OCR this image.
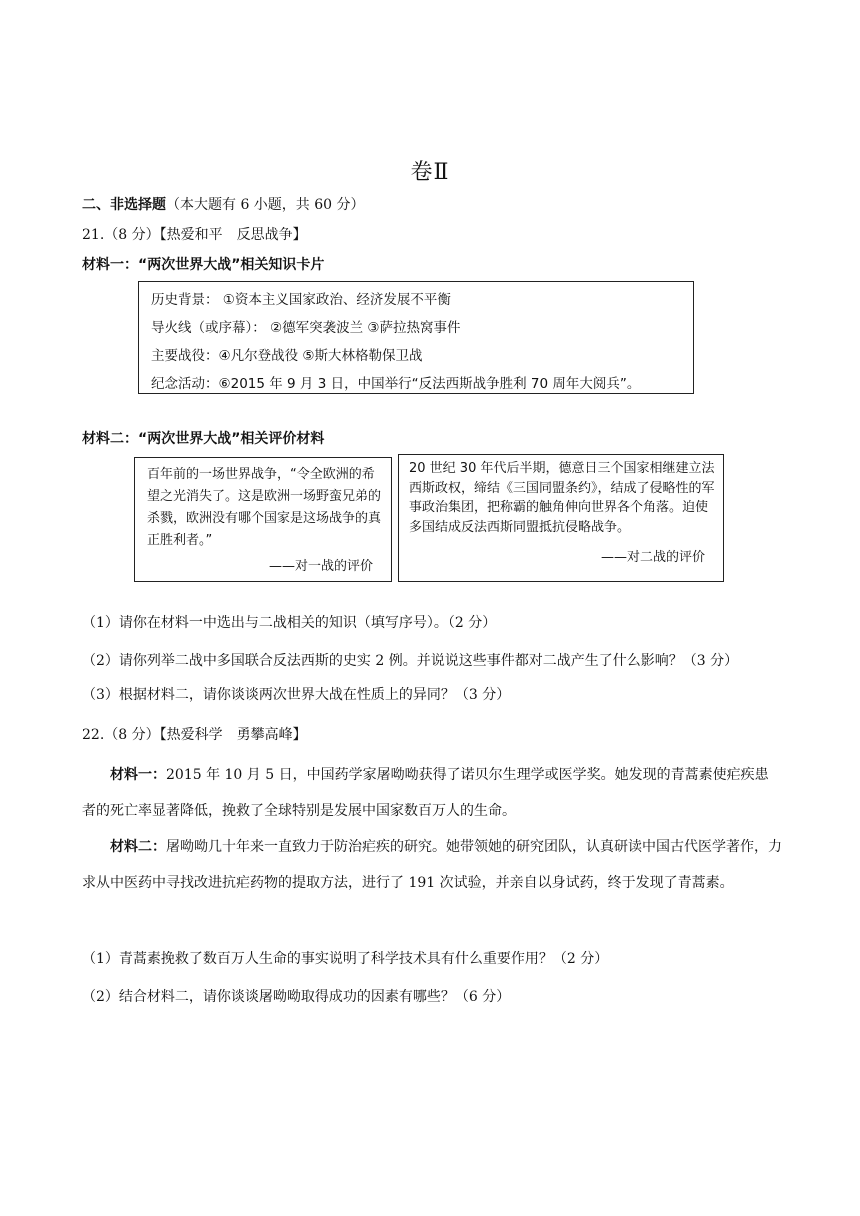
卷Ⅱ
二、非选择题（本大题有 6 小题，共 60 分）
21.（8 分）【热爱和平　反思战争】
材料一：“两次世界大战”相关知识卡片
历史背景： ①资本主义国家政治、经济发展不平衡
导火线（或序幕）： ②德军突袭波兰 ③萨拉热窝事件
主要战役：④凡尔登战役 ⑤斯大林格勒保卫战
纪念活动：⑥2015 年 9 月 3 日，中国举行“反法西斯战争胜利 70 周年大阅兵”。
材料二：“两次世界大战”相关评价材料
百年前的一场世界战争，“令全欧洲的希望之光消失了。这是欧洲一场野蛮兄弟的杀戮，欧洲没有哪个国家是这场战争的真正胜利者。”
——对一战的评价
20 世纪 30 年代后半期，德意日三个国家相继建立法西斯政权，缔结《三国同盟条约》，结成了侵略性的军事政治集团，把称霸的触角伸向世界各个角落。迫使多国结成反法西斯同盟抵抗侵略战争。
——对二战的评价
（1）请你在材料一中选出与二战相关的知识（填写序号）。（2 分）
（2）请你列举二战中多国联合反法西斯的史实 2 例。并说说这些事件都对二战产生了什么影响？（3 分）
（3）根据材料二，请你谈谈两次世界大战在性质上的异同？（3 分）
22.（8 分）【热爱科学　勇攀高峰】
材料一：2015 年 10 月 5 日，中国药学家屠呦呦获得了诺贝尔生理学或医学奖。她发现的青蒿素使疟疾患者的死亡率显著降低，挽救了全球特别是发展中国家数百万人的生命。
材料二：屠呦呦几十年来一直致力于防治疟疾的研究。她带领她的研究团队，认真研读中国古代医学著作，力求从中医药中寻找改进抗疟药物的提取方法，进行了 191 次试验，并亲自以身试药，终于发现了青蒿素。
（1）青蒿素挽救了数百万人生命的事实说明了科学技术具有什么重要作用？（2 分）
（2）结合材料二，请你谈谈屠呦呦取得成功的因素有哪些？（6 分）
